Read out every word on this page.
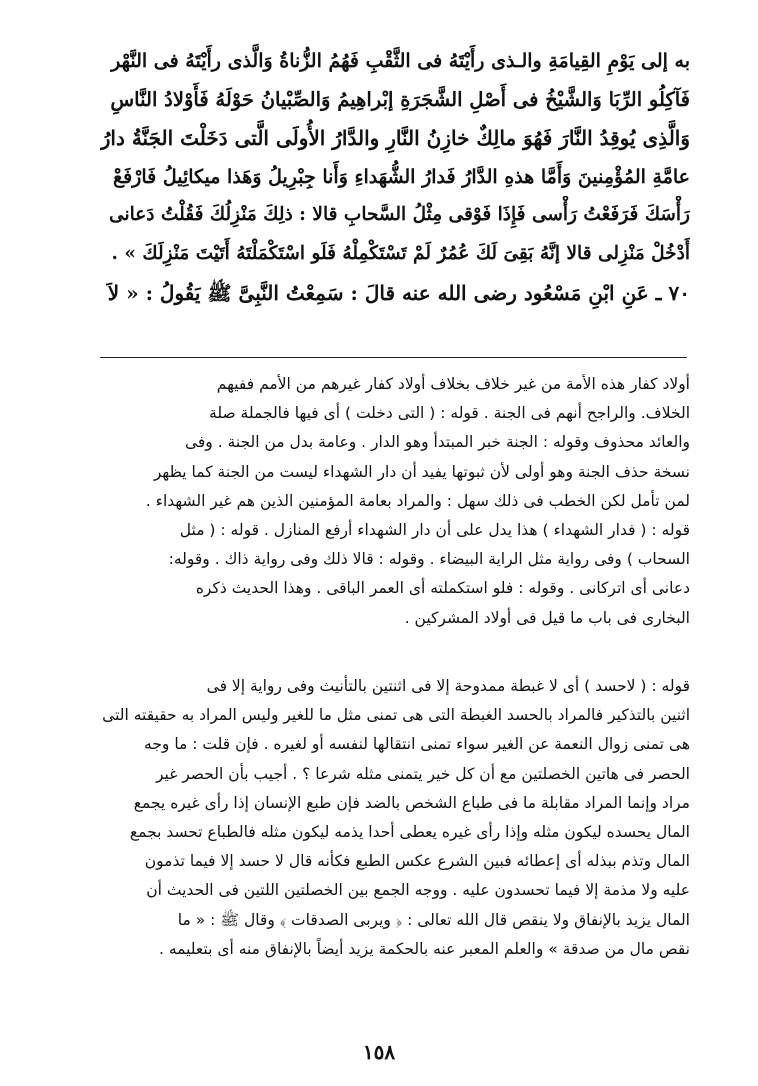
به إلى يَوْمِ القِيامَةِ والـذى رأَيْتَهُ فى الثَّقْبِ فَهُمُ الزُّناةُ وَالَّذى رأَيْتَهُ فى النَّهْر
فَآكِلُو الرِّبَا وَالشَّيْخُ فى أَصْلِ الشَّجَرَةِ إبْراهِيمُ وَالصِّبْيانُ حَوْلَهُ فَأَوْلادُ النَّاسِ
وَالَّذِى يُوقِدُ النَّارَ فَهُوَ مالِكٌ خازِنُ النَّارِ والدَّارُ الأُولَى الَّتى دَخَلْتَ الجَنَّةُ دارُ
عامَّةِ المُؤْمِنينَ وَأَمَّا هذهِ الدَّارُ فَدارُ الشُّهَداءِ وَأَنا جِبْرِيلُ وَهَذا ميكائِيلُ فَارْفَعْ
رَأْسَكَ فَرَفَعْتُ رَأْسى فَإِذَا فَوْقى مِثْلُ السَّحابِ قالا : ذلِكَ مَنْزِلُكَ فَقُلْتُ دَعانى
أَدْخُلْ مَنْزِلى قالا إنَّهُ بَقِىَ لَكَ عُمُرٌ لَمْ تَسْتَكْمِلْهُ فَلَو اسْتَكْمَلْتَهُ أَتَيْتَ مَنْزِلَكَ » .
٧٠ ـ عَنِ ابْنِ مَسْعُود رضى الله عنه قالَ : سَمِعْتُ النَّبِىَّ ﷺ يَقُولُ : « لاَ
أولاد كفار هذه الأمة من غير خلاف بخلاف أولاد كفار غيرهم من الأمم ففيهم
الخلاف. والراجح أنهم فى الجنة . قوله : ( التى دخلت ) أى فيها فالجملة صلة
والعائد محذوف وقوله : الجنة خبر المبتدأ وهو الدار . وعامة بدل من الجنة . وفى
نسخة حذف الجنة وهو أولى لأن ثبوتها يفيد أن دار الشهداء ليست من الجنة كما يظهر
لمن تأمل لكن الخطب فى ذلك سهل : والمراد بعامة المؤمنين الذين هم غير الشهداء .
قوله : ( فدار الشهداء ) هذا يدل على أن دار الشهداء أرفع المنازل . قوله : ( مثل
السحاب ) وفى رواية مثل الراية البيضاء . وقوله : قالا ذلك وفى رواية ذاك . وقوله:
دعانى أى اتركانى . وقوله : فلو استكملته أى العمر الباقى . وهذا الحديث ذكره
البخارى فى باب ما قيل فى أولاد المشركين .
قوله : ( لاحسد ) أى لا غبطة ممدوحة إلا فى اثنتين بالتأنيث وفى رواية إلا فى
اثنين بالتذكير فالمراد بالحسد الغبطة التى هى تمنى مثل ما للغير وليس المراد به حقيقته التى
هى تمنى زوال النعمة عن الغير سواء تمنى انتقالها لنفسه أو لغيره . فإن قلت : ما وجه
الحصر فى هاتين الخصلتين مع أن كل خير يتمنى مثله شرعا ؟ . أجيب بأن الحصر غير
مراد وإنما المراد مقابلة ما فى طباع الشخص بالضد فإن طبع الإنسان إذا رأى غيره يجمع
المال يحسده ليكون مثله وإذا رأى غيره يعطى أحدا يذمه ليكون مثله فالطباع تحسد بجمع
المال وتذم ببذله أى إعطائه فبين الشرع عكس الطبع فكأنه قال لا حسد إلا فيما تذمون
عليه ولا مذمة إلا فيما تحسدون عليه . ووجه الجمع بين الخصلتين اللتين فى الحديث أن
المال يزيد بالإنفاق ولا ينقص قال الله تعالى : ﴿ ويربى الصدقات ﴾ وقال ﷺ : « ما
نقص مال من صدقة » والعلم المعبر عنه بالحكمة يزيد أيضاً بالإنفاق منه أى بتعليمه .
١٥٨
